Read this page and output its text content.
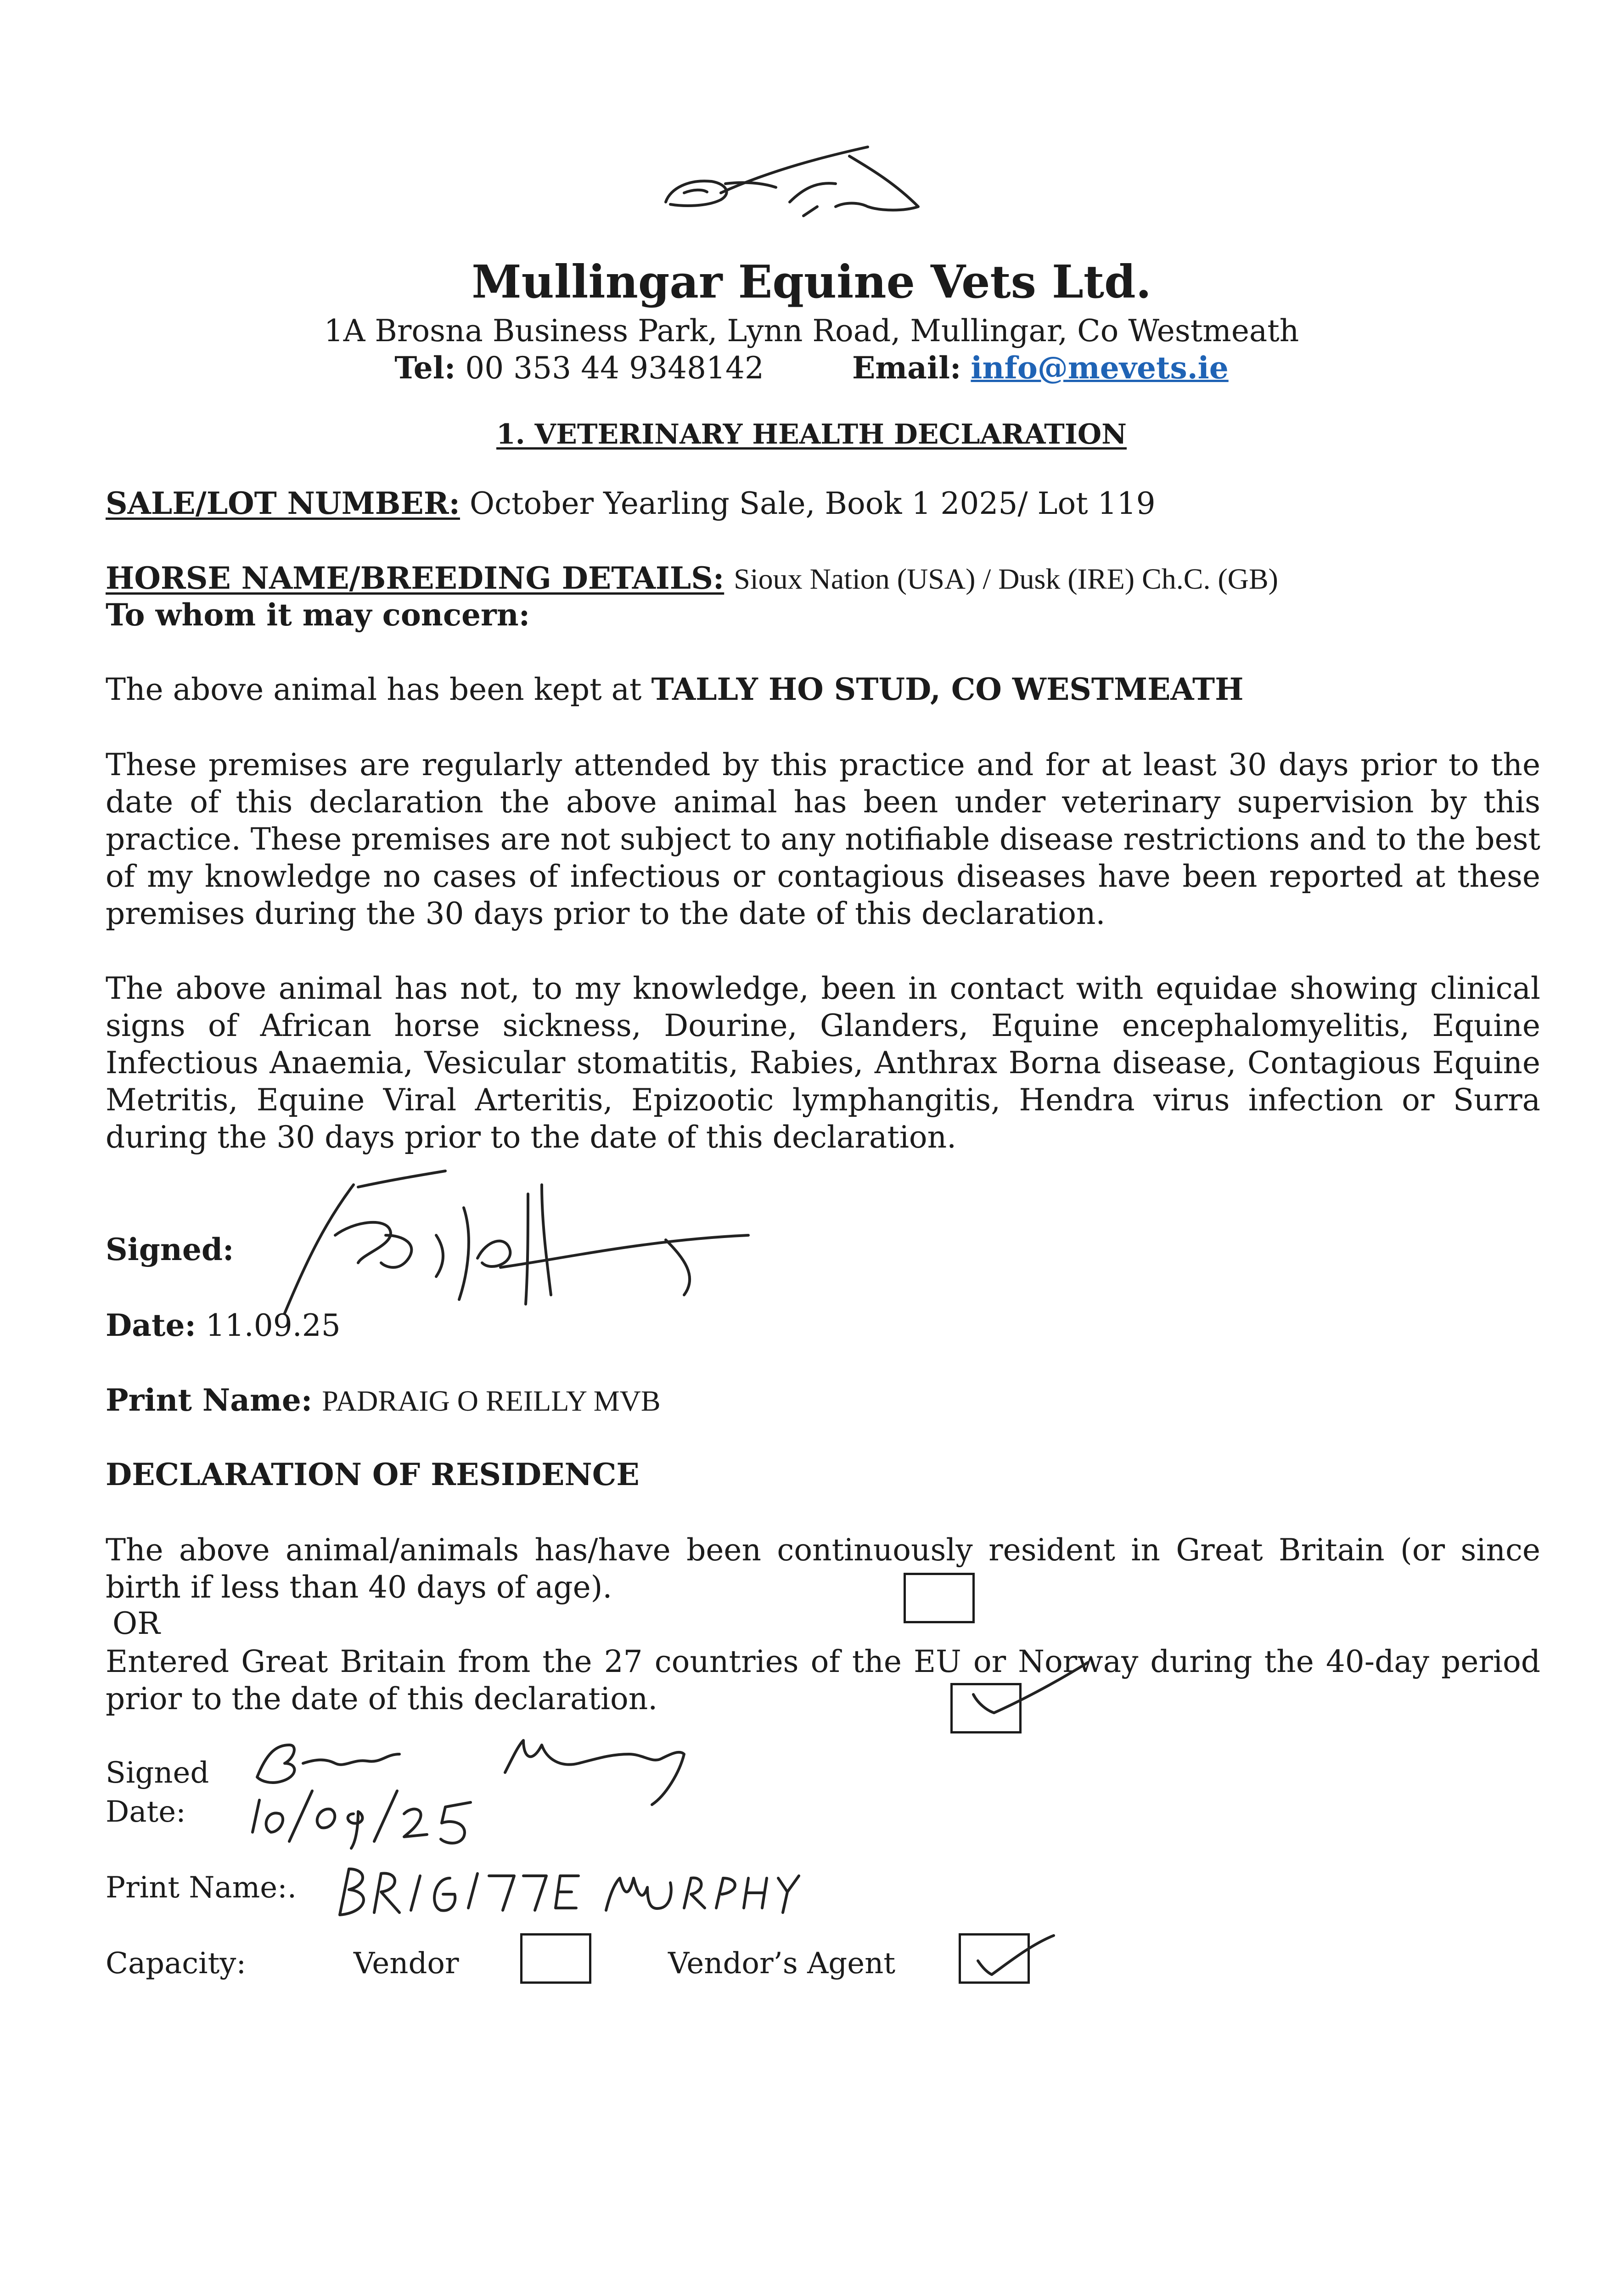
Mullingar Equine Vets Ltd.
1A Brosna Business Park, Lynn Road, Mullingar, Co Westmeath
Tel: 00 353 44 9348142	Email: info@mevets.ie
1. VETERINARY HEALTH DECLARATION
SALE/LOT NUMBER: October Yearling Sale, Book 1 2025/ Lot 119
HORSE NAME/BREEDING DETAILS: Sioux Nation (USA) / Dusk (IRE) Ch.C. (GB)
To whom it may concern:
The above animal has been kept at TALLY HO STUD, CO WESTMEATH
These premises are regularly attended by this practice and for at least 30 days prior to the date of this declaration the above animal has been under veterinary supervision by this practice. These premises are not subject to any notifiable disease restrictions and to the best of my knowledge no cases of infectious or contagious diseases have been reported at these premises during the 30 days prior to the date of this declaration.
The above animal has not, to my knowledge, been in contact with equidae showing clinical signs of African horse sickness, Dourine, Glanders, Equine encephalomyelitis, Equine Infectious Anaemia, Vesicular stomatitis, Rabies, Anthrax Borna disease, Contagious Equine Metritis, Equine Viral Arteritis, Epizootic lymphangitis, Hendra virus infection or Surra during the 30 days prior to the date of this declaration.
Signed:
Date: 11.09.25
Print Name: PADRAIG O REILLY MVB
DECLARATION OF RESIDENCE
The above animal/animals has/have been continuously resident in Great Britain (or since birth if less than 40 days of age).
OR
Entered Great Britain from the 27 countries of the EU or Norway during the 40-day period prior to the date of this declaration.
Signed
Date:
Print Name:.
Capacity:	Vendor	Vendor’s Agent
